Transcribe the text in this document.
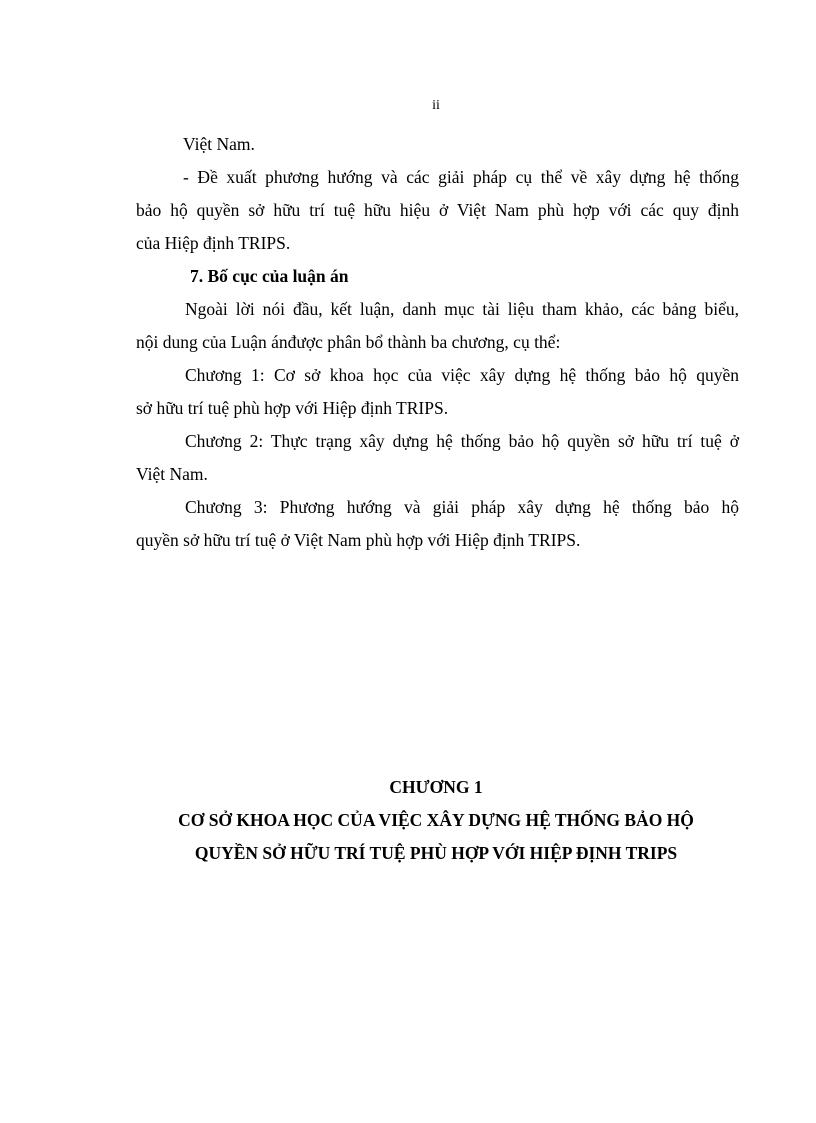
ii
Việt Nam.
- Đề xuất phương hướng và các giải pháp cụ thể về xây dựng hệ thống
bảo hộ quyền sở hữu trí tuệ hữu hiệu ở Việt Nam phù hợp với các quy định
của Hiệp định TRIPS.
7. Bố cục của luận án
Ngoài lời nói đầu, kết luận, danh mục tài liệu tham khảo, các bảng biểu,
nội dung của Luận ánđược phân bổ thành ba chương, cụ thể:
Chương 1: Cơ sở khoa học của việc xây dựng hệ thống bảo hộ quyền
sở hữu trí tuệ phù hợp với Hiệp định TRIPS.
Chương 2: Thực trạng xây dựng hệ thống bảo hộ quyền sở hữu trí tuệ ở
Việt Nam.
Chương 3: Phương hướng và giải pháp xây dựng hệ thống bảo hộ
quyền sở hữu trí tuệ ở Việt Nam phù hợp với Hiệp định TRIPS.
CHƯƠNG 1
CƠ SỞ KHOA HỌC CỦA VIỆC XÂY DỰNG HỆ THỐNG BẢO HỘ
QUYỀN SỞ HỮU TRÍ TUỆ PHÙ HỢP VỚI HIỆP ĐỊNH TRIPS
